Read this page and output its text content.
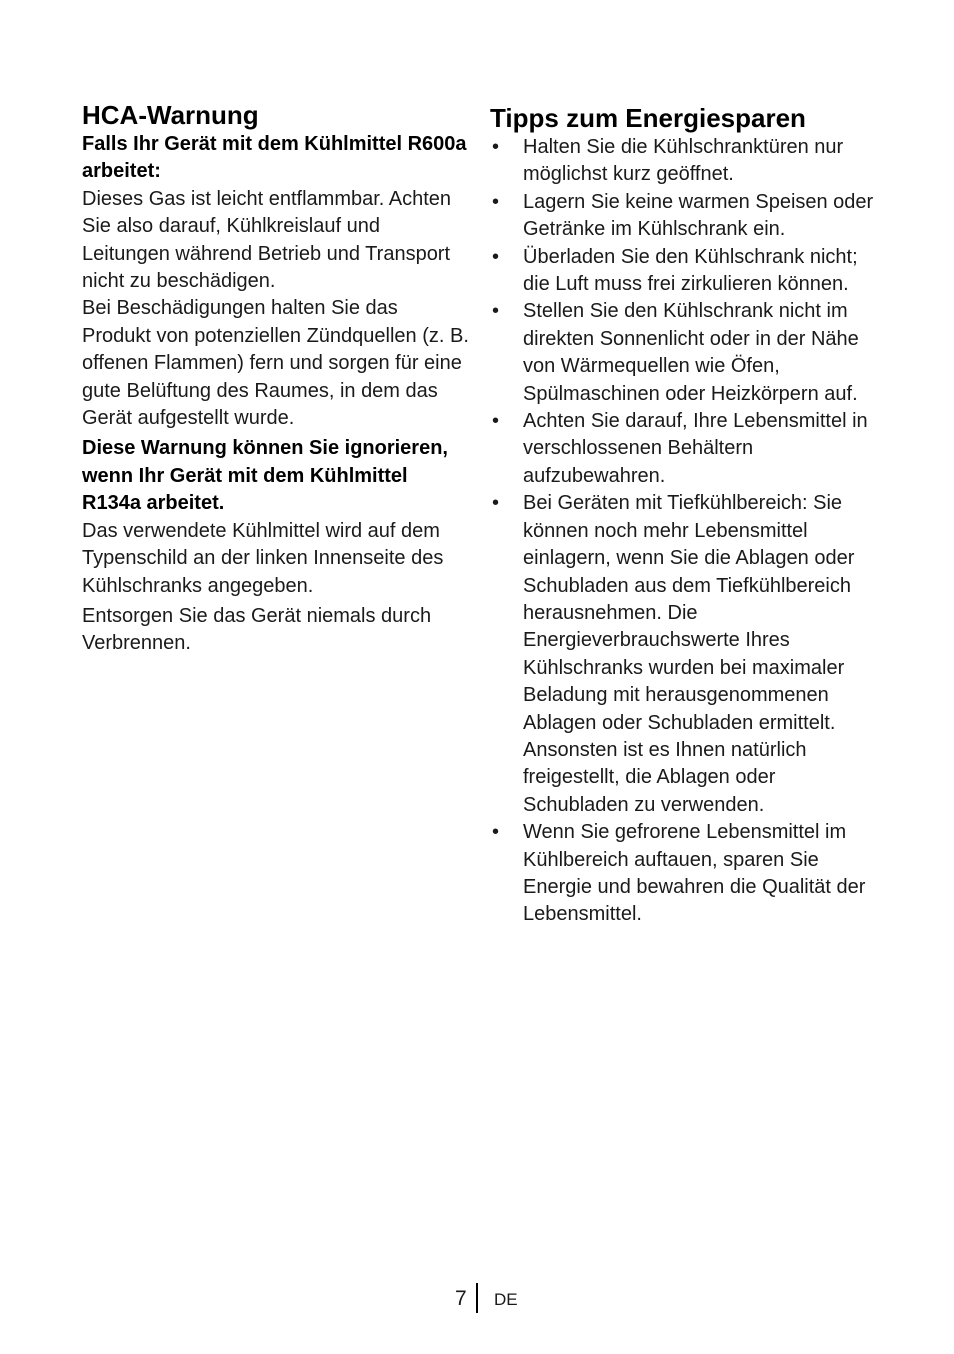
HCA-Warnung

Falls Ihr Gerät mit dem Kühlmittel R600a arbeitet:

Dieses Gas ist leicht entflammbar. Achten Sie also darauf, Kühlkreislauf und Leitungen während Betrieb und Transport nicht zu beschädigen.

Bei Beschädigungen halten Sie das Produkt von potenziellen Zündquellen (z. B. offenen Flammen) fern und sorgen für eine gute Belüftung des Raumes, in dem das Gerät aufgestellt wurde.

Diese Warnung können Sie ignorieren, wenn Ihr Gerät mit dem Kühlmittel R134a arbeitet.

Das verwendete Kühlmittel wird auf dem Typenschild an der linken Innenseite des Kühlschranks angegeben.

Entsorgen Sie das Gerät niemals durch Verbrennen.

Tipps zum Energiesparen
• Halten Sie die Kühlschranktüren nur möglichst kurz geöffnet.
• Lagern Sie keine warmen Speisen oder Getränke im Kühlschrank ein.
• Überladen Sie den Kühlschrank nicht; die Luft muss frei zirkulieren können.
• Stellen Sie den Kühlschrank nicht im direkten Sonnenlicht oder in der Nähe von Wärmequellen wie Öfen, Spülmaschinen oder Heizkörpern auf.
• Achten Sie darauf, Ihre Lebensmittel in verschlossenen Behältern aufzubewahren.
• Bei Geräten mit Tiefkühlbereich: Sie können noch mehr Lebensmittel einlagern, wenn Sie die Ablagen oder Schubladen aus dem Tiefkühlbereich herausnehmen. Die Energieverbrauchswerte Ihres Kühlschranks wurden bei maximaler Beladung mit herausgenommenen Ablagen oder Schubladen ermittelt. Ansonsten ist es Ihnen natürlich freigestellt, die Ablagen oder Schubladen zu verwenden.
• Wenn Sie gefrorene Lebensmittel im Kühlbereich auftauen, sparen Sie Energie und bewahren die Qualität der Lebensmittel.
7 DE
